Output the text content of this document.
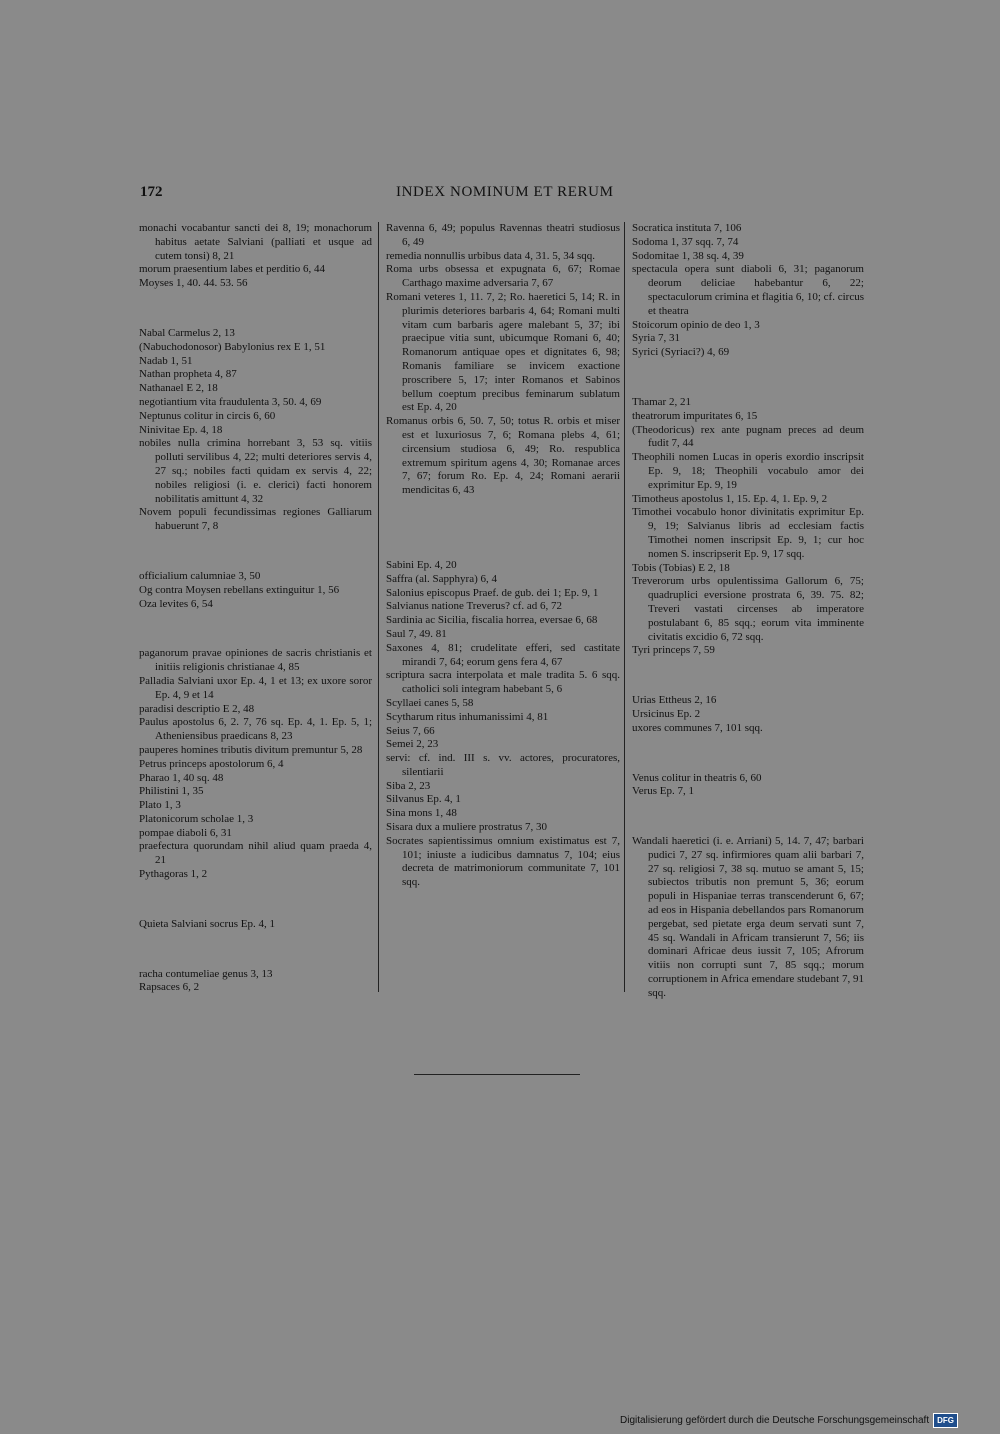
172	INDEX NOMINUM ET RERUM

monachi vocabantur sancti dei 8, 19; monachorum habitus aetate Salviani (palliati et usque ad cutem tonsi) 8, 21

morum praesentium labes et perditio 6, 44

Moyses 1, 40. 44. 53. 56

Nabal Carmelus 2, 13

(Nabuchodonosor) Babylonius rex E 1, 51

Nadab 1, 51

Nathan propheta 4, 87

Nathanael E 2, 18

negotiantium vita fraudulenta 3, 50. 4, 69

Neptunus colitur in circis 6, 60

Ninivitae Ep. 4, 18

nobiles nulla crimina horrebant 3, 53 sq. vitiis polluti servilibus 4, 22; multi deteriores servis 4, 27 sq.; nobiles facti quidam ex servis 4, 22; nobiles religiosi (i. e. clerici) facti honorem nobilitatis amittunt 4, 32

Novem populi fecundissimas regiones Galliarum habuerunt 7, 8

officialium calumniae 3, 50

Og contra Moysen rebellans extinguitur 1, 56

Oza levites 6, 54

paganorum pravae opiniones de sacris christianis et initiis religionis christianae 4, 85

Palladia Salviani uxor Ep. 4, 1 et 13; ex uxore soror Ep. 4, 9 et 14

paradisi descriptio E 2, 48

Paulus apostolus 6, 2. 7, 76 sq. Ep. 4, 1. Ep. 5, 1; Atheniensibus praedicans 8, 23

pauperes homines tributis divitum premuntur 5, 28

Petrus princeps apostolorum 6, 4

Pharao 1, 40 sq. 48

Philistini 1, 35

Plato 1, 3

Platonicorum scholae 1, 3

pompae diaboli 6, 31

praefectura quorundam nihil aliud quam praeda 4, 21

Pythagoras 1, 2

Quieta Salviani socrus Ep. 4, 1

racha contumeliae genus 3, 13

Rapsaces 6, 2

Ravenna 6, 49; populus Ravennas theatri studiosus 6, 49

remedia nonnullis urbibus data 4, 31. 5, 34 sqq.

Roma urbs obsessa et expugnata 6, 67; Romae Carthago maxime adversaria 7, 67

Romani veteres 1, 11. 7, 2; Ro. haeretici 5, 14; R. in plurimis deteriores barbaris 4, 64; Romani multi vitam cum barbaris agere malebant 5, 37; ibi praecipue vitia sunt, ubicumque Romani 6, 40; Romanorum antiquae opes et dignitates 6, 98; Romanis familiare se invicem exactione proscribere 5, 17; inter Romanos et Sabinos bellum coeptum precibus feminarum sublatum est Ep. 4, 20

Romanus orbis 6, 50. 7, 50; totus R. orbis et miser est et luxuriosus 7, 6; Romana plebs 4, 61; circensium studiosa 6, 49; Ro. respublica extremum spiritum agens 4, 30; Romanae arces 7, 67; forum Ro. Ep. 4, 24; Romani aerarii mendicitas 6, 43

Sabini Ep. 4, 20

Saffra (al. Sapphyra) 6, 4

Salonius episcopus Praef. de gub. dei 1; Ep. 9, 1

Salvianus natione Treverus? cf. ad 6, 72

Sardinia ac Sicilia, fiscalia horrea, eversae 6, 68

Saul 7, 49. 81

Saxones 4, 81; crudelitate efferi, sed castitate mirandi 7, 64; eorum gens fera 4, 67

scriptura sacra interpolata et male tradita 5. 6 sqq. catholici soli integram habebant 5, 6

Scyllaei canes 5, 58

Scytharum ritus inhumanissimi 4, 81

Seius 7, 66

Semei 2, 23

servi: cf. ind. III s. vv. actores, procuratores, silentiarii

Siba 2, 23

Silvanus Ep. 4, 1

Sina mons 1, 48

Sisara dux a muliere prostratus 7, 30

Socrates sapientissimus omnium existimatus est 7, 101; iniuste a iudicibus damnatus 7, 104; eius decreta de matrimoniorum communitate 7, 101 sqq.

Socratica instituta 7, 106

Sodoma 1, 37 sqq. 7, 74

Sodomitae 1, 38 sq. 4, 39

spectacula opera sunt diaboli 6, 31; paganorum deorum deliciae habebantur 6, 22; spectaculorum crimina et flagitia 6, 10; cf. circus et theatra

Stoicorum opinio de deo 1, 3

Syria 7, 31

Syrici (Syriaci?) 4, 69

Thamar 2, 21

theatrorum impuritates 6, 15

(Theodoricus) rex ante pugnam preces ad deum fudit 7, 44

Theophili nomen Lucas in operis exordio inscripsit Ep. 9, 18; Theophili vocabulo amor dei exprimitur Ep. 9, 19

Timotheus apostolus 1, 15. Ep. 4, 1. Ep. 9, 2

Timothei vocabulo honor divinitatis exprimitur Ep. 9, 19; Salvianus libris ad ecclesiam factis Timothei nomen inscripsit Ep. 9, 1; cur hoc nomen S. inscripserit Ep. 9, 17 sqq.

Tobis (Tobias) E 2, 18

Treverorum urbs opulentissima Gallorum 6, 75; quadruplici eversione prostrata 6, 39. 75. 82; Treveri vastati circenses ab imperatore postulabant 6, 85 sqq.; eorum vita imminente civitatis excidio 6, 72 sqq.

Tyri princeps 7, 59

Urias Ettheus 2, 16

Ursicinus Ep. 2

uxores communes 7, 101 sqq.

Venus colitur in theatris 6, 60

Verus Ep. 7, 1

Wandali haeretici (i. e. Arriani) 5, 14. 7, 47; barbari pudici 7, 27 sq. infirmiores quam alii barbari 7, 27 sq. religiosi 7, 38 sq. mutuo se amant 5, 15; subiectos tributis non premunt 5, 36; eorum populi in Hispaniae terras transcenderunt 6, 67; ad eos in Hispania debellandos pars Romanorum pergebat, sed pietate erga deum servati sunt 7, 45 sq. Wandali in Africam transierunt 7, 56; iis dominari Africae deus iussit 7, 105; Afrorum vitiis non corrupti sunt 7, 85 sqq.; morum corruptionem in Africa emendare studebant 7, 91 sqq.

Digitalisierung gefördert durch die Deutsche Forschungsgemeinschaft	DFG
